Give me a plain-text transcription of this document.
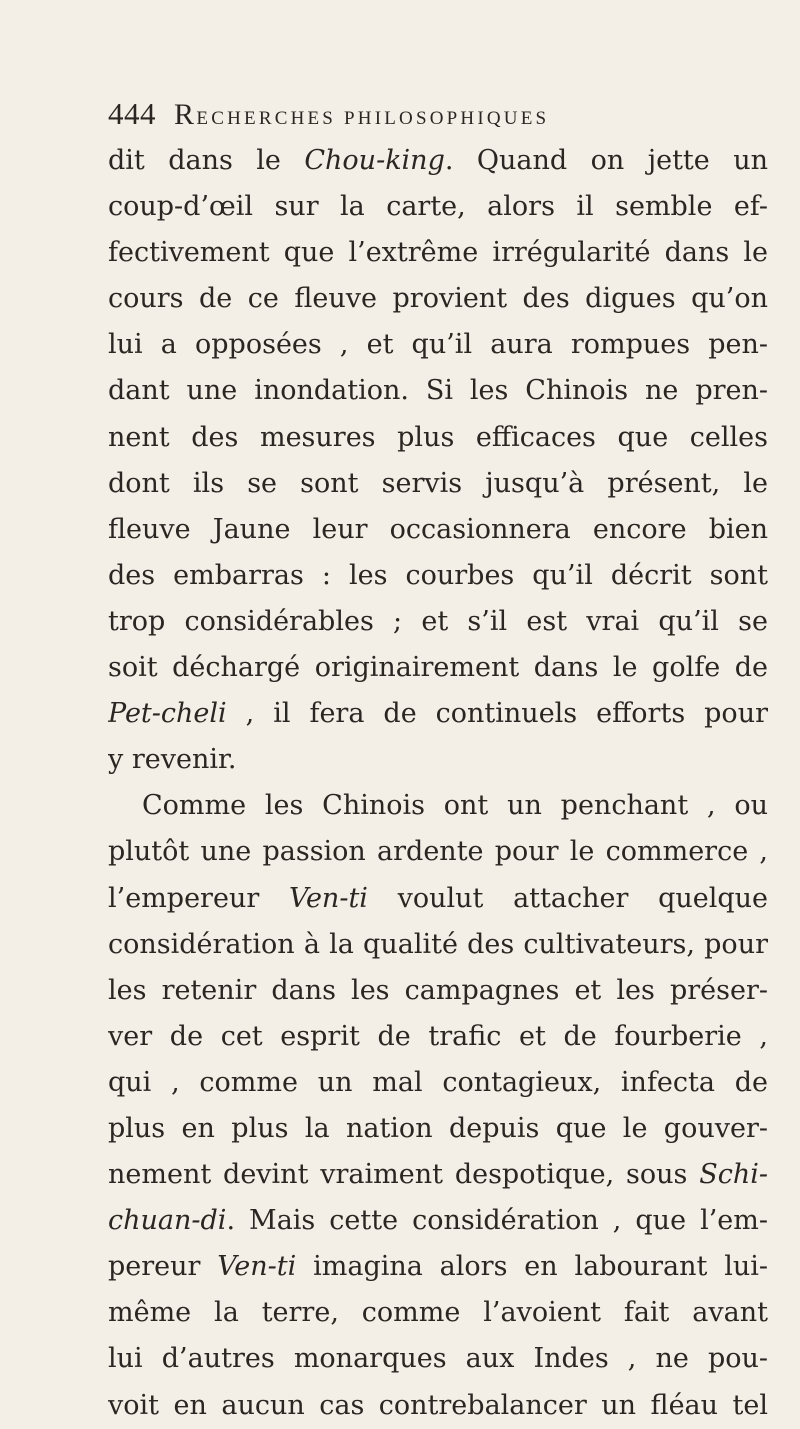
444 RECHERCHES PHILOSOPHIQUES
dit dans le Chou-king. Quand on jette un
coup-d’œil sur la carte, alors il semble ef-
fectivement que l’extrême irrégularité dans le
cours de ce fleuve provient des digues qu’on
lui a opposées , et qu’il aura rompues pen-
dant une inondation. Si les Chinois ne pren-
nent des mesures plus efficaces que celles
dont ils se sont servis jusqu’à présent, le
fleuve Jaune leur occasionnera encore bien
des embarras : les courbes qu’il décrit sont
trop considérables ; et s’il est vrai qu’il se
soit déchargé originairement dans le golfe de
Pet-cheli , il fera de continuels efforts pour
y revenir.
Comme les Chinois ont un penchant , ou
plutôt une passion ardente pour le commerce ,
l’empereur Ven-ti voulut attacher quelque
considération à la qualité des cultivateurs, pour
les retenir dans les campagnes et les préser-
ver de cet esprit de trafic et de fourberie ,
qui , comme un mal contagieux, infecta de
plus en plus la nation depuis que le gouver-
nement devint vraiment despotique, sous Schi-
chuan-di. Mais cette considération , que l’em-
pereur Ven-ti imagina alors en labourant lui-
même la terre, comme l’avoient fait avant
lui d’autres monarques aux Indes , ne pou-
voit en aucun cas contrebalancer un fléau tel
